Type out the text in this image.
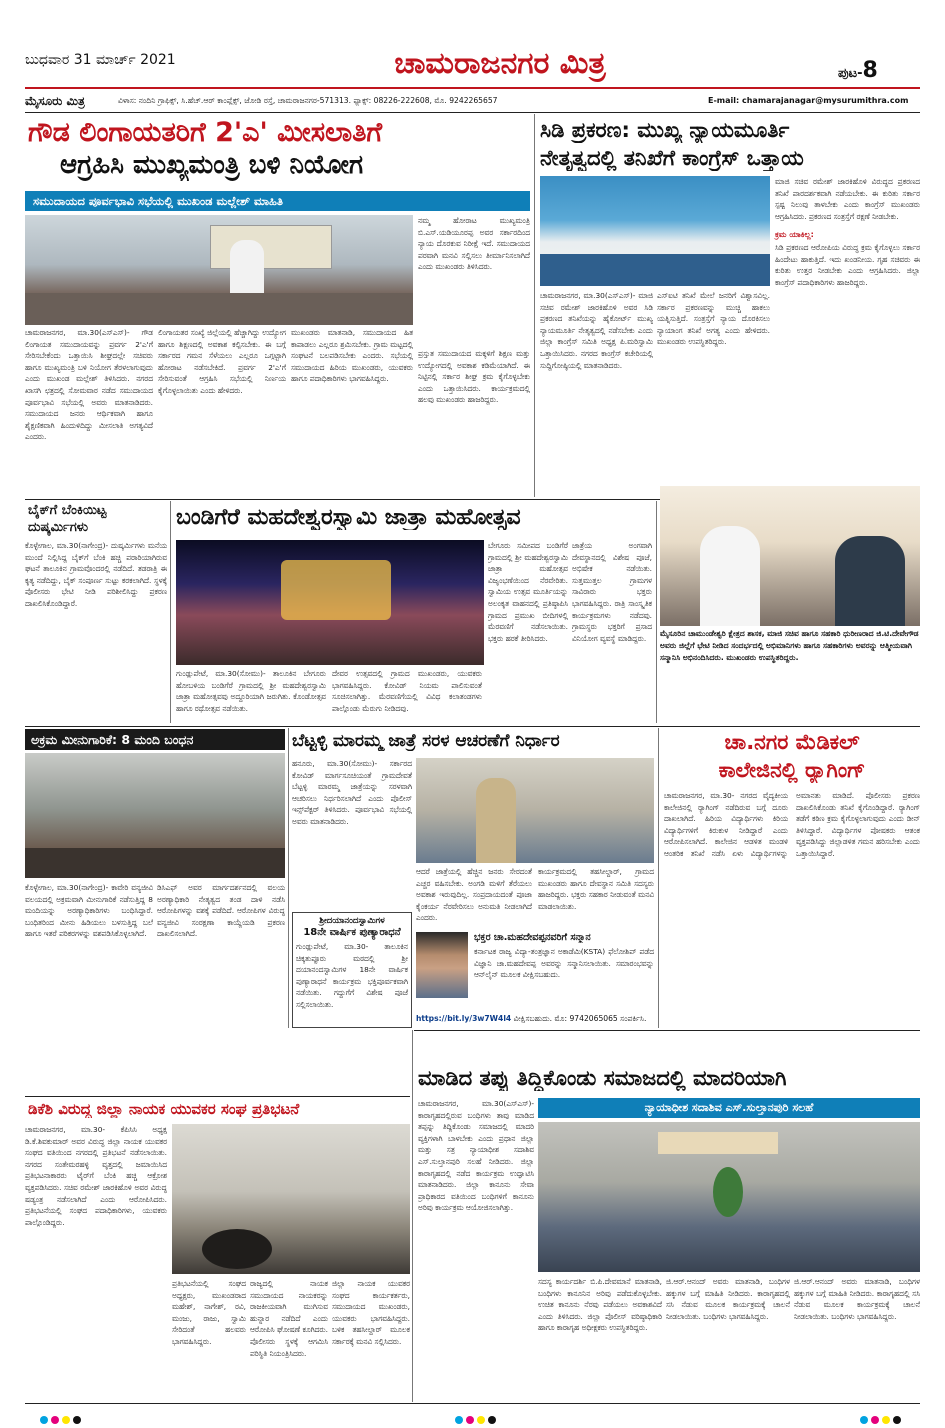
ಬುಧವಾರ 31 ಮಾರ್ಚ್ 2021	ಚಾಮರಾಜನಗರ ಮಿತ್ರ	ಪುಟ-8
ಮೈಸೂರು ಮಿತ್ರ	ವಿಳಾಸ: ನಂದಿನಿ ಗ್ರಾಫಿಕ್ಸ್, ಸಿ.ಹೆಚ್.ಆರ್ ಕಾಂಪ್ಲೆಕ್ಸ್, ಜೋಡಿ ರಸ್ತೆ, ಚಾಮರಾಜನಗರ-571313. ಫ್ಯಾಕ್ಸ್: 08226-222608, ಮೊ. 9242265657	E-mail: chamarajanagar@mysurumithra.com
ಗೌಡ ಲಿಂಗಾಯತರಿಗೆ 2'ಎ' ಮೀಸಲಾತಿಗೆ
ಆಗ್ರಹಿಸಿ ಮುಖ್ಯಮಂತ್ರಿ ಬಳಿ ನಿಯೋಗ
ಸಮುದಾಯದ ಪೂರ್ವಭಾವಿ ಸಭೆಯಲ್ಲಿ ಮುಖಂಡ ಮಲ್ಲೇಶ್ ಮಾಹಿತಿ
ಚಾಮರಾಜನಗರ, ಮಾ.30(ಎಸ್‌ಎಸ್)- ಗೌಡ ಲಿಂಗಾಯತ ಸಮುದಾಯವನ್ನು ಪ್ರವರ್ಗ 2'ಎ'ಗೆ ಸೇರಿಸಬೇಕೆಂದು ಒತ್ತಾಯಿಸಿ ಶೀಘ್ರದಲ್ಲೇ ಸಚಿವರು ಹಾಗೂ ಮುಖ್ಯಮಂತ್ರಿ ಬಳಿ ನಿಯೋಗ ತೆರಳಲಾಗುವುದು ಎಂದು ಮುಖಂಡ ಮಲ್ಲೇಶ್ ತಿಳಿಸಿದರು. ನಗರದ ಖಾಸಗಿ ಛತ್ರದಲ್ಲಿ ಸೋಮವಾರ ನಡೆದ ಸಮುದಾಯದ ಪೂರ್ವಭಾವಿ ಸಭೆಯಲ್ಲಿ ಅವರು ಮಾತನಾಡಿದರು. ಸಮುದಾಯದ ಜನರು ಆರ್ಥಿಕವಾಗಿ ಹಾಗೂ ಶೈಕ್ಷಣಿಕವಾಗಿ ಹಿಂದುಳಿದಿದ್ದು ಮೀಸಲಾತಿ ಅಗತ್ಯವಿದೆ ಎಂದರು.
ಲಿಂಗಾಯತರ ಸಂಖ್ಯೆ ಜಿಲ್ಲೆಯಲ್ಲಿ ಹೆಚ್ಚಾಗಿದ್ದು ಉದ್ಯೋಗ ಹಾಗೂ ಶಿಕ್ಷಣದಲ್ಲಿ ಅವಕಾಶ ಕಲ್ಪಿಸಬೇಕು. ಈ ಬಗ್ಗೆ ಸರ್ಕಾರದ ಗಮನ ಸೆಳೆಯಲು ಎಲ್ಲರೂ ಒಗ್ಗಟ್ಟಾಗಿ ಹೋರಾಟ ನಡೆಸಬೇಕಿದೆ. ಪ್ರವರ್ಗ 2'ಎ'ಗೆ ಸೇರಿಸುವಂತೆ ಆಗ್ರಹಿಸಿ ಸಭೆಯಲ್ಲಿ ನಿರ್ಣಯ ಕೈಗೊಳ್ಳಲಾಯಿತು ಎಂದು ಹೇಳಿದರು.
ಮುಖಂಡರು ಮಾತನಾಡಿ, ಸಮುದಾಯದ ಹಿತ ಕಾಪಾಡಲು ಎಲ್ಲರೂ ಶ್ರಮಿಸಬೇಕು. ಗ್ರಾಮ ಮಟ್ಟದಲ್ಲಿ ಸಂಘಟನೆ ಬಲಪಡಿಸಬೇಕು ಎಂದರು. ಸಭೆಯಲ್ಲಿ ಸಮುದಾಯದ ಹಿರಿಯ ಮುಖಂಡರು, ಯುವಕರು ಹಾಗೂ ಪದಾಧಿಕಾರಿಗಳು ಭಾಗವಹಿಸಿದ್ದರು.
ನಮ್ಮ ಹೋರಾಟ ಮುಖ್ಯಮಂತ್ರಿ ಬಿ.ಎಸ್.ಯಡಿಯೂರಪ್ಪ ಅವರ ಸರ್ಕಾರದಿಂದ ನ್ಯಾಯ ದೊರಕುವ ನಿರೀಕ್ಷೆ ಇದೆ. ಸಮುದಾಯದ ಪರವಾಗಿ ಮನವಿ ಸಲ್ಲಿಸಲು ತೀರ್ಮಾನಿಸಲಾಗಿದೆ ಎಂದು ಮುಖಂಡರು ತಿಳಿಸಿದರು.
ಪ್ರಸ್ತುತ ಸಮುದಾಯದ ಮಕ್ಕಳಿಗೆ ಶಿಕ್ಷಣ ಮತ್ತು ಉದ್ಯೋಗದಲ್ಲಿ ಅವಕಾಶ ಕಡಿಮೆಯಾಗಿದೆ. ಈ ನಿಟ್ಟಿನಲ್ಲಿ ಸರ್ಕಾರ ಶೀಘ್ರ ಕ್ರಮ ಕೈಗೊಳ್ಳಬೇಕು ಎಂದು ಒತ್ತಾಯಿಸಿದರು. ಕಾರ್ಯಕ್ರಮದಲ್ಲಿ ಹಲವು ಮುಖಂಡರು ಹಾಜರಿದ್ದರು.
ಸಿಡಿ ಪ್ರಕರಣ: ಮುಖ್ಯ ನ್ಯಾಯಮೂರ್ತಿ
ನೇತೃತ್ವದಲ್ಲಿ ತನಿಖೆಗೆ ಕಾಂಗ್ರೆಸ್ ಒತ್ತಾಯ
ಮಾಜಿ ಸಚಿವ ರಮೇಶ್ ಜಾರಕಿಹೊಳಿ ವಿರುದ್ಧದ ಪ್ರಕರಣದ ತನಿಖೆ ಪಾರದರ್ಶಕವಾಗಿ ನಡೆಯಬೇಕು. ಈ ಕುರಿತು ಸರ್ಕಾರ ಸ್ಪಷ್ಟ ನಿಲುವು ತಾಳಬೇಕು ಎಂದು ಕಾಂಗ್ರೆಸ್ ಮುಖಂಡರು ಆಗ್ರಹಿಸಿದರು. ಪ್ರಕರಣದ ಸಂತ್ರಸ್ತೆಗೆ ರಕ್ಷಣೆ ನೀಡಬೇಕು.
ಕ್ರಮ ಯಾಕಿಲ್ಲ:
ಸಿಡಿ ಪ್ರಕರಣದ ಆರೋಪಿಯ ವಿರುದ್ಧ ಕ್ರಮ ಕೈಗೊಳ್ಳಲು ಸರ್ಕಾರ ಹಿಂದೇಟು ಹಾಕುತ್ತಿದೆ. ಇದು ಖಂಡನೀಯ. ಗೃಹ ಸಚಿವರು ಈ ಕುರಿತು ಉತ್ತರ ನೀಡಬೇಕು ಎಂದು ಆಗ್ರಹಿಸಿದರು. ಜಿಲ್ಲಾ ಕಾಂಗ್ರೆಸ್ ಪದಾಧಿಕಾರಿಗಳು ಹಾಜರಿದ್ದರು.
ಚಾಮರಾಜನಗರ, ಮಾ.30(ಎಸ್‌ಎಸ್)- ಮಾಜಿ ಸಚಿವ ರಮೇಶ್ ಜಾರಕಿಹೊಳಿ ಅವರ ಸಿಡಿ ಪ್ರಕರಣದ ತನಿಖೆಯನ್ನು ಹೈಕೋರ್ಟ್ ಮುಖ್ಯ ನ್ಯಾಯಮೂರ್ತಿ ನೇತೃತ್ವದಲ್ಲಿ ನಡೆಸಬೇಕು ಎಂದು ಜಿಲ್ಲಾ ಕಾಂಗ್ರೆಸ್ ಸಮಿತಿ ಅಧ್ಯಕ್ಷ ಪಿ.ಮರಿಸ್ವಾಮಿ ಒತ್ತಾಯಿಸಿದರು. ನಗರದ ಕಾಂಗ್ರೆಸ್ ಕಚೇರಿಯಲ್ಲಿ ಸುದ್ದಿಗೋಷ್ಠಿಯಲ್ಲಿ ಮಾತನಾಡಿದರು.
ಎಸ್‌ಐಟಿ ತನಿಖೆ ಮೇಲೆ ಜನರಿಗೆ ವಿಶ್ವಾಸವಿಲ್ಲ. ಸರ್ಕಾರ ಪ್ರಕರಣವನ್ನು ಮುಚ್ಚಿ ಹಾಕಲು ಯತ್ನಿಸುತ್ತಿದೆ. ಸಂತ್ರಸ್ತೆಗೆ ನ್ಯಾಯ ದೊರಕಿಸಲು ನ್ಯಾಯಾಂಗ ತನಿಖೆ ಅಗತ್ಯ ಎಂದು ಹೇಳಿದರು. ಮುಖಂಡರು ಉಪಸ್ಥಿತರಿದ್ದರು.
ಬೈಕ್‌ಗೆ ಬೆಂಕಿಯಿಟ್ಟ ದುಷ್ಕರ್ಮಿಗಳು
ಕೊಳ್ಳೇಗಾಲ, ಮಾ.30(ನಾಗೇಂದ್ರ)- ದುಷ್ಕರ್ಮಿಗಳು ಮನೆಯ ಮುಂದೆ ನಿಲ್ಲಿಸಿದ್ದ ಬೈಕ್‌ಗೆ ಬೆಂಕಿ ಹಚ್ಚಿ ಪರಾರಿಯಾಗಿರುವ ಘಟನೆ ತಾಲೂಕಿನ ಗ್ರಾಮವೊಂದರಲ್ಲಿ ನಡೆದಿದೆ. ತಡರಾತ್ರಿ ಈ ಕೃತ್ಯ ನಡೆದಿದ್ದು, ಬೈಕ್ ಸಂಪೂರ್ಣ ಸುಟ್ಟು ಕರಕಲಾಗಿದೆ. ಸ್ಥಳಕ್ಕೆ ಪೊಲೀಸರು ಭೇಟಿ ನೀಡಿ ಪರಿಶೀಲಿಸಿದ್ದು ಪ್ರಕರಣ ದಾಖಲಿಸಿಕೊಂಡಿದ್ದಾರೆ.
ಬಂಡಿಗೆರೆ ಮಹದೇಶ್ವರಸ್ವಾಮಿ ಜಾತ್ರಾ ಮಹೋತ್ಸವ
ಬೇಗೂರು ಸಮೀಪದ ಬಂಡಿಗೆರೆ ಗ್ರಾಮದಲ್ಲಿ ಶ್ರೀ ಮಹದೇಶ್ವರಸ್ವಾಮಿ ಜಾತ್ರಾ ಮಹೋತ್ಸವ ವಿಜೃಂಭಣೆಯಿಂದ ನೆರವೇರಿತು. ಸ್ವಾಮಿಯ ಉತ್ಸವ ಮೂರ್ತಿಯನ್ನು ಅಲಂಕೃತ ವಾಹನದಲ್ಲಿ ಪ್ರತಿಷ್ಠಾಪಿಸಿ ಗ್ರಾಮದ ಪ್ರಮುಖ ಬೀದಿಗಳಲ್ಲಿ ಮೆರವಣಿಗೆ ನಡೆಸಲಾಯಿತು. ಭಕ್ತರು ಹರಕೆ ತೀರಿಸಿದರು.
ಜಾತ್ರೆಯ ಅಂಗವಾಗಿ ದೇವಸ್ಥಾನದಲ್ಲಿ ವಿಶೇಷ ಪೂಜೆ, ಅಭಿಷೇಕ ನಡೆಯಿತು. ಸುತ್ತಮುತ್ತಲ ಗ್ರಾಮಗಳ ಸಾವಿರಾರು ಭಕ್ತರು ಭಾಗವಹಿಸಿದ್ದರು. ರಾತ್ರಿ ಸಾಂಸ್ಕೃತಿಕ ಕಾರ್ಯಕ್ರಮಗಳು ನಡೆದವು. ಗ್ರಾಮಸ್ಥರು ಭಕ್ತರಿಗೆ ಪ್ರಸಾದ ವಿನಿಯೋಗ ವ್ಯವಸ್ಥೆ ಮಾಡಿದ್ದರು.
ಗುಂಡ್ಲುಪೇಟೆ, ಮಾ.30(ಸೋಮು)- ತಾಲೂಕಿನ ಬೇಗೂರು ಹೋಬಳಿಯ ಬಂಡಿಗೆರೆ ಗ್ರಾಮದಲ್ಲಿ ಶ್ರೀ ಮಹದೇಶ್ವರಸ್ವಾಮಿ ಜಾತ್ರಾ ಮಹೋತ್ಸವವು ಅದ್ದೂರಿಯಾಗಿ ಜರುಗಿತು. ಕೊಂಡೋತ್ಸವ ಹಾಗೂ ರಥೋತ್ಸವ ನಡೆಯಿತು.
ದೇವರ ಉತ್ಸವದಲ್ಲಿ ಗ್ರಾಮದ ಮುಖಂಡರು, ಯುವಕರು ಭಾಗವಹಿಸಿದ್ದರು. ಕೋವಿಡ್ ನಿಯಮ ಪಾಲಿಸುವಂತೆ ಸೂಚಿಸಲಾಗಿತ್ತು. ಮೆರವಣಿಗೆಯಲ್ಲಿ ವಿವಿಧ ಕಲಾತಂಡಗಳು ಪಾಲ್ಗೊಂಡು ಮೆರುಗು ನೀಡಿದವು.
ಮೈಸೂರಿನ ಚಾಮುಂಡೇಶ್ವರಿ ಕ್ಷೇತ್ರದ ಶಾಸಕ, ಮಾಜಿ ಸಚಿವ ಹಾಗೂ ಸಹಕಾರಿ ಧುರೀಣರಾದ ಜಿ.ಟಿ.ದೇವೇಗೌಡ ಅವರು ಜಿಲ್ಲೆಗೆ ಭೇಟಿ ನೀಡಿದ ಸಂದರ್ಭದಲ್ಲಿ ಅಭಿಮಾನಿಗಳು ಹಾಗೂ ಸಹಕಾರಿಗಳು ಅವರನ್ನು ಆತ್ಮೀಯವಾಗಿ ಸನ್ಮಾನಿಸಿ ಅಭಿನಂದಿಸಿದರು. ಮುಖಂಡರು ಉಪಸ್ಥಿತರಿದ್ದರು.
ಅಕ್ರಮ ಮೀನುಗಾರಿಕೆ: 8 ಮಂದಿ ಬಂಧನ
ಕೊಳ್ಳೇಗಾಲ, ಮಾ.30(ನಾಗೇಂದ್ರ)- ಕಾವೇರಿ ವನ್ಯಜೀವಿ ವಲಯದಲ್ಲಿ ಅಕ್ರಮವಾಗಿ ಮೀನುಗಾರಿಕೆ ನಡೆಸುತ್ತಿದ್ದ 8 ಮಂದಿಯನ್ನು ಅರಣ್ಯಾಧಿಕಾರಿಗಳು ಬಂಧಿಸಿದ್ದಾರೆ. ಬಂಧಿತರಿಂದ ಮೀನು ಹಿಡಿಯಲು ಬಳಸುತ್ತಿದ್ದ ಬಲೆ ಹಾಗೂ ಇತರೆ ಪರಿಕರಗಳನ್ನು ವಶಪಡಿಸಿಕೊಳ್ಳಲಾಗಿದೆ.
ಡಿಸಿಎಫ್ ಅವರ ಮಾರ್ಗದರ್ಶನದಲ್ಲಿ ವಲಯ ಅರಣ್ಯಾಧಿಕಾರಿ ನೇತೃತ್ವದ ತಂಡ ದಾಳಿ ನಡೆಸಿ ಆರೋಪಿಗಳನ್ನು ವಶಕ್ಕೆ ಪಡೆದಿದೆ. ಆರೋಪಿಗಳ ವಿರುದ್ಧ ವನ್ಯಜೀವಿ ಸಂರಕ್ಷಣಾ ಕಾಯ್ದೆಯಡಿ ಪ್ರಕರಣ ದಾಖಲಿಸಲಾಗಿದೆ.
ಬೆಟ್ಟಳ್ಳಿ ಮಾರಮ್ಮ ಜಾತ್ರೆ ಸರಳ ಆಚರಣೆಗೆ ನಿರ್ಧಾರ
ಹನೂರು, ಮಾ.30(ಸೋಮು)- ಸರ್ಕಾರದ ಕೋವಿಡ್ ಮಾರ್ಗಸೂಚಿಯಂತೆ ಗ್ರಾಮದೇವತೆ ಬೆಟ್ಟಳ್ಳಿ ಮಾರಮ್ಮ ಜಾತ್ರೆಯನ್ನು ಸರಳವಾಗಿ ಆಚರಿಸಲು ನಿರ್ಧರಿಸಲಾಗಿದೆ ಎಂದು ಪೊಲೀಸ್ ಇನ್ಸ್‌ಪೆಕ್ಟರ್ ತಿಳಿಸಿದರು. ಪೂರ್ವಭಾವಿ ಸಭೆಯಲ್ಲಿ ಅವರು ಮಾತನಾಡಿದರು.
ಆದರೆ ಜಾತ್ರೆಯಲ್ಲಿ ಹೆಚ್ಚಿನ ಜನರು ಸೇರದಂತೆ ಎಚ್ಚರ ವಹಿಸಬೇಕು. ಅಂಗಡಿ ಮಳಿಗೆ ತೆರೆಯಲು ಅವಕಾಶ ಇರುವುದಿಲ್ಲ. ಸಂಪ್ರದಾಯದಂತೆ ಪೂಜಾ ಕೈಂಕರ್ಯ ನೆರವೇರಿಸಲು ಅನುಮತಿ ನೀಡಲಾಗಿದೆ ಎಂದರು.
ಕಾರ್ಯಕ್ರಮದಲ್ಲಿ ತಹಸೀಲ್ದಾರ್, ಗ್ರಾಮದ ಮುಖಂಡರು ಹಾಗೂ ದೇವಸ್ಥಾನ ಸಮಿತಿ ಸದಸ್ಯರು ಹಾಜರಿದ್ದರು. ಭಕ್ತರು ಸಹಕಾರ ನೀಡುವಂತೆ ಮನವಿ ಮಾಡಲಾಯಿತು.
ಶ್ರೀದಯಾನಂದಸ್ವಾಮಿಗಳ
18ನೇ ವಾರ್ಷಿಕ ಪುಣ್ಯಾರಾಧನೆ
ಗುಂಡ್ಲುಪೇಟೆ, ಮಾ.30- ತಾಲೂಕಿನ ಚಿಕ್ಕತುಪ್ಪೂರು ಮಠದಲ್ಲಿ ಶ್ರೀ ದಯಾನಂದಸ್ವಾಮಿಗಳ 18ನೇ ವಾರ್ಷಿಕ ಪುಣ್ಯಾರಾಧನೆ ಕಾರ್ಯಕ್ರಮ ಭಕ್ತಿಪೂರ್ವಕವಾಗಿ ನಡೆಯಿತು. ಗದ್ದುಗೆಗೆ ವಿಶೇಷ ಪೂಜೆ ಸಲ್ಲಿಸಲಾಯಿತು.
ಭಕ್ತರ ಚಾ.ಮಹದೇವಪ್ಪನವರಿಗೆ ಸನ್ಮಾನ
ಕರ್ನಾಟಕ ರಾಜ್ಯ ವಿದ್ಯಾ-ತಂತ್ರಜ್ಞಾನ ಅಕಾಡೆಮಿ(KSTA) ಫೆಲೋಶಿಪ್ ಪಡೆದ ವಿಜ್ಞಾನಿ ಚಾ.ಮಹದೇವಪ್ಪ ಅವರನ್ನು ಸನ್ಮಾನಿಸಲಾಯಿತು. ಸಮಾರಂಭವನ್ನು ಆನ್‌ಲೈನ್ ಮೂಲಕ ವೀಕ್ಷಿಸಬಹುದು.
https://bit.ly/3w7W4l4 ವೀಕ್ಷಿಸಬಹುದು. ಮೊ: 9742065065 ಸಂಪರ್ಕಿಸಿ.
ಚಾ.ನಗರ ಮೆಡಿಕಲ್
ಕಾಲೇಜಿನಲ್ಲಿ ರ್‍ಯಾಗಿಂಗ್
ಚಾಮರಾಜನಗರ, ಮಾ.30- ನಗರದ ವೈದ್ಯಕೀಯ ಕಾಲೇಜಿನಲ್ಲಿ ರ್‍ಯಾಗಿಂಗ್ ನಡೆದಿರುವ ಬಗ್ಗೆ ದೂರು ದಾಖಲಾಗಿದೆ. ಹಿರಿಯ ವಿದ್ಯಾರ್ಥಿಗಳು ಕಿರಿಯ ವಿದ್ಯಾರ್ಥಿಗಳಿಗೆ ಕಿರುಕುಳ ನೀಡಿದ್ದಾರೆ ಎಂದು ಆರೋಪಿಸಲಾಗಿದೆ. ಕಾಲೇಜಿನ ಆಡಳಿತ ಮಂಡಳಿ ಆಂತರಿಕ ತನಿಖೆ ನಡೆಸಿ ಏಳು ವಿದ್ಯಾರ್ಥಿಗಳನ್ನು ಅಮಾನತು ಮಾಡಿದೆ. ಪೊಲೀಸರು ಪ್ರಕರಣ ದಾಖಲಿಸಿಕೊಂಡು ತನಿಖೆ ಕೈಗೊಂಡಿದ್ದಾರೆ. ರ್‍ಯಾಗಿಂಗ್ ತಡೆಗೆ ಕಠಿಣ ಕ್ರಮ ಕೈಗೊಳ್ಳಲಾಗುವುದು ಎಂದು ಡೀನ್ ತಿಳಿಸಿದ್ದಾರೆ. ವಿದ್ಯಾರ್ಥಿಗಳ ಪೋಷಕರು ಆತಂಕ ವ್ಯಕ್ತಪಡಿಸಿದ್ದು ಜಿಲ್ಲಾಡಳಿತ ಗಮನ ಹರಿಸಬೇಕು ಎಂದು ಒತ್ತಾಯಿಸಿದ್ದಾರೆ.
ಡಿಕೆಶಿ ವಿರುದ್ಧ ಜಿಲ್ಲಾ ನಾಯಕ ಯುವಕರ ಸಂಘ ಪ್ರತಿಭಟನೆ
ಚಾಮರಾಜನಗರ, ಮಾ.30- ಕೆಪಿಸಿಸಿ ಅಧ್ಯಕ್ಷ ಡಿ.ಕೆ.ಶಿವಕುಮಾರ್ ಅವರ ವಿರುದ್ಧ ಜಿಲ್ಲಾ ನಾಯಕ ಯುವಕರ ಸಂಘದ ವತಿಯಿಂದ ನಗರದಲ್ಲಿ ಪ್ರತಿಭಟನೆ ನಡೆಸಲಾಯಿತು. ನಗರದ ಸಂತೇಮರಹಳ್ಳಿ ವೃತ್ತದಲ್ಲಿ ಜಮಾಯಿಸಿದ ಪ್ರತಿಭಟನಾಕಾರರು ಟೈರ್‌ಗೆ ಬೆಂಕಿ ಹಚ್ಚಿ ಆಕ್ರೋಶ ವ್ಯಕ್ತಪಡಿಸಿದರು. ಸಚಿವ ರಮೇಶ್ ಜಾರಕಿಹೊಳಿ ಅವರ ವಿರುದ್ಧ ಷಡ್ಯಂತ್ರ ನಡೆಸಲಾಗಿದೆ ಎಂದು ಆರೋಪಿಸಿದರು. ಪ್ರತಿಭಟನೆಯಲ್ಲಿ ಸಂಘದ ಪದಾಧಿಕಾರಿಗಳು, ಯುವಕರು ಪಾಲ್ಗೊಂಡಿದ್ದರು.
ಪ್ರತಿಭಟನೆಯಲ್ಲಿ ಸಂಘದ ಅಧ್ಯಕ್ಷರು, ಮುಖಂಡರಾದ ಮಹೇಶ್, ನಾಗೇಶ್, ರವಿ, ಮಂಜು, ರಾಜು, ಸ್ವಾಮಿ ಸೇರಿದಂತೆ ಹಲವರು ಭಾಗವಹಿಸಿದ್ದರು.
ರಾಜ್ಯದಲ್ಲಿ ನಾಯಕ ಸಮುದಾಯದ ನಾಯಕರನ್ನು ರಾಜಕೀಯವಾಗಿ ಮುಗಿಸುವ ಹುನ್ನಾರ ನಡೆದಿದೆ ಎಂದು ಆರೋಪಿಸಿ ಘೋಷಣೆ ಕೂಗಿದರು. ಪೊಲೀಸರು ಸ್ಥಳಕ್ಕೆ ಆಗಮಿಸಿ ಪರಿಸ್ಥಿತಿ ನಿಯಂತ್ರಿಸಿದರು.
ಜಿಲ್ಲಾ ನಾಯಕ ಯುವಕರ ಸಂಘದ ಕಾರ್ಯಕರ್ತರು, ಸಮುದಾಯದ ಮುಖಂಡರು, ಯುವಕರು ಭಾಗವಹಿಸಿದ್ದರು. ಬಳಿಕ ತಹಸೀಲ್ದಾರ್ ಮೂಲಕ ಸರ್ಕಾರಕ್ಕೆ ಮನವಿ ಸಲ್ಲಿಸಿದರು.
ಮಾಡಿದ ತಪ್ಪು ತಿದ್ದಿಕೊಂಡು ಸಮಾಜದಲ್ಲಿ ಮಾದರಿಯಾಗಿ
ಚಾಮರಾಜನಗರ, ಮಾ.30(ಎಸ್‌ಎಸ್)- ಕಾರಾಗೃಹದಲ್ಲಿರುವ ಬಂಧಿಗಳು ತಾವು ಮಾಡಿದ ತಪ್ಪನ್ನು ತಿದ್ದಿಕೊಂಡು ಸಮಾಜದಲ್ಲಿ ಮಾದರಿ ವ್ಯಕ್ತಿಗಳಾಗಿ ಬಾಳಬೇಕು ಎಂದು ಪ್ರಧಾನ ಜಿಲ್ಲಾ ಮತ್ತು ಸತ್ರ ನ್ಯಾಯಾಧೀಶ ಸದಾಶಿವ ಎಸ್.ಸುಲ್ತಾನಪುರಿ ಸಲಹೆ ನೀಡಿದರು. ಜಿಲ್ಲಾ ಕಾರಾಗೃಹದಲ್ಲಿ ನಡೆದ ಕಾರ್ಯಕ್ರಮ ಉದ್ಘಾಟಿಸಿ ಮಾತನಾಡಿದರು. ಜಿಲ್ಲಾ ಕಾನೂನು ಸೇವಾ ಪ್ರಾಧಿಕಾರದ ವತಿಯಿಂದ ಬಂಧಿಗಳಿಗೆ ಕಾನೂನು ಅರಿವು ಕಾರ್ಯಕ್ರಮ ಆಯೋಜಿಸಲಾಗಿತ್ತು.
ನ್ಯಾಯಾಧೀಶ ಸದಾಶಿವ ಎಸ್.ಸುಲ್ತಾನಪುರಿ ಸಲಹೆ
ಸದಸ್ಯ ಕಾರ್ಯದರ್ಶಿ ಬಿ.ಪಿ.ದೇವಮಾನೆ ಮಾತನಾಡಿ, ಬಂಧಿಗಳು ಕಾನೂನಿನ ಅರಿವು ಪಡೆದುಕೊಳ್ಳಬೇಕು. ಉಚಿತ ಕಾನೂನು ನೆರವು ಪಡೆಯಲು ಅವಕಾಶವಿದೆ ಎಂದು ತಿಳಿಸಿದರು. ಜಿಲ್ಲಾ ಪೊಲೀಸ್ ವರಿಷ್ಠಾಧಿಕಾರಿ ಹಾಗೂ ಕಾರಾಗೃಹ ಅಧೀಕ್ಷಕರು ಉಪಸ್ಥಿತರಿದ್ದರು.
ಜಿ.ಆರ್.ಆನಂದ್ ಅವರು ಮಾತನಾಡಿ, ಬಂಧಿಗಳ ಹಕ್ಕುಗಳ ಬಗ್ಗೆ ಮಾಹಿತಿ ನೀಡಿದರು. ಕಾರಾಗೃಹದಲ್ಲಿ ಸಸಿ ನೆಡುವ ಮೂಲಕ ಕಾರ್ಯಕ್ರಮಕ್ಕೆ ಚಾಲನೆ ನೀಡಲಾಯಿತು. ಬಂಧಿಗಳು ಭಾಗವಹಿಸಿದ್ದರು.
ಜಿ.ಆರ್.ಆನಂದ್ ಅವರು ಮಾತನಾಡಿ, ಬಂಧಿಗಳ ಹಕ್ಕುಗಳ ಬಗ್ಗೆ ಮಾಹಿತಿ ನೀಡಿದರು. ಕಾರಾಗೃಹದಲ್ಲಿ ಸಸಿ ನೆಡುವ ಮೂಲಕ ಕಾರ್ಯಕ್ರಮಕ್ಕೆ ಚಾಲನೆ ನೀಡಲಾಯಿತು. ಬಂಧಿಗಳು ಭಾಗವಹಿಸಿದ್ದರು.
